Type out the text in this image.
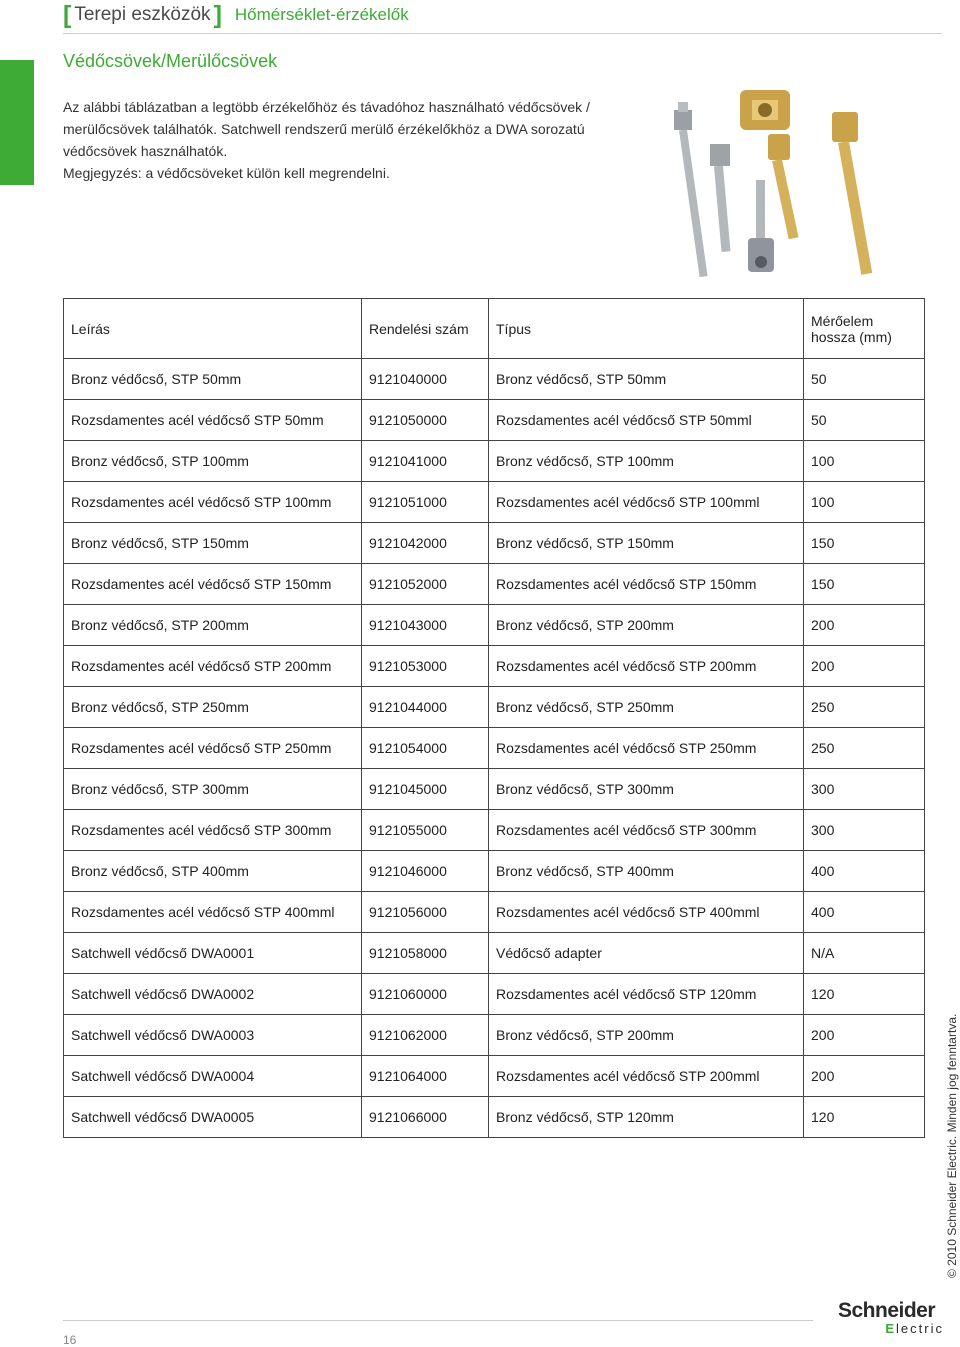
[ Terepi eszközök ] Hőmérséklet-érzékelők
Védőcsövek/Merülőcsövek

Az alábbi táblázatban a legtöbb érzékelőhöz és távadóhoz használható védőcsövek / merülőcsövek találhatók. Satchwell rendszerű merülő érzékelőkhöz a DWA sorozatú védőcsövek használhatók.

Megjegyzés: a védőcsöveket külön kell megrendelni.

Leírás	Rendelési szám	Típus	Mérőelem
hossza (mm)
Bronz védőcső, STP 50mm	9121040000	Bronz védőcső, STP 50mm	50
Rozsdamentes acél védőcső STP 50mm	9121050000	Rozsdamentes acél védőcső STP 50mml	50
Bronz védőcső, STP 100mm	9121041000	Bronz védőcső, STP 100mm	100
Rozsdamentes acél védőcső STP 100mm	9121051000	Rozsdamentes acél védőcső STP 100mml	100
Bronz védőcső, STP 150mm	9121042000	Bronz védőcső, STP 150mm	150
Rozsdamentes acél védőcső STP 150mm	9121052000	Rozsdamentes acél védőcső STP 150mm	150
Bronz védőcső, STP 200mm	9121043000	Bronz védőcső, STP 200mm	200
Rozsdamentes acél védőcső STP 200mm	9121053000	Rozsdamentes acél védőcső STP 200mm	200
Bronz védőcső, STP 250mm	9121044000	Bronz védőcső, STP 250mm	250
Rozsdamentes acél védőcső STP 250mm	9121054000	Rozsdamentes acél védőcső STP 250mm	250
Bronz védőcső, STP 300mm	9121045000	Bronz védőcső, STP 300mm	300
Rozsdamentes acél védőcső STP 300mm	9121055000	Rozsdamentes acél védőcső STP 300mm	300
Bronz védőcső, STP 400mm	9121046000	Bronz védőcső, STP 400mm	400
Rozsdamentes acél védőcső STP 400mml	9121056000	Rozsdamentes acél védőcső STP 400mml	400
Satchwell védőcső DWA0001	9121058000	Védőcső adapter	N/A
Satchwell védőcső DWA0002	9121060000	Rozsdamentes acél védőcső STP 120mm	120
Satchwell védőcső DWA0003	9121062000	Bronz védőcső, STP 200mm	200
Satchwell védőcső DWA0004	9121064000	Rozsdamentes acél védőcső STP 200mml	200
Satchwell védőcső DWA0005	9121066000	Bronz védőcső, STP 120mm	120	© 2010 Schneider Electric. Minden jog fenntartva.
16
Schneider
Electric
